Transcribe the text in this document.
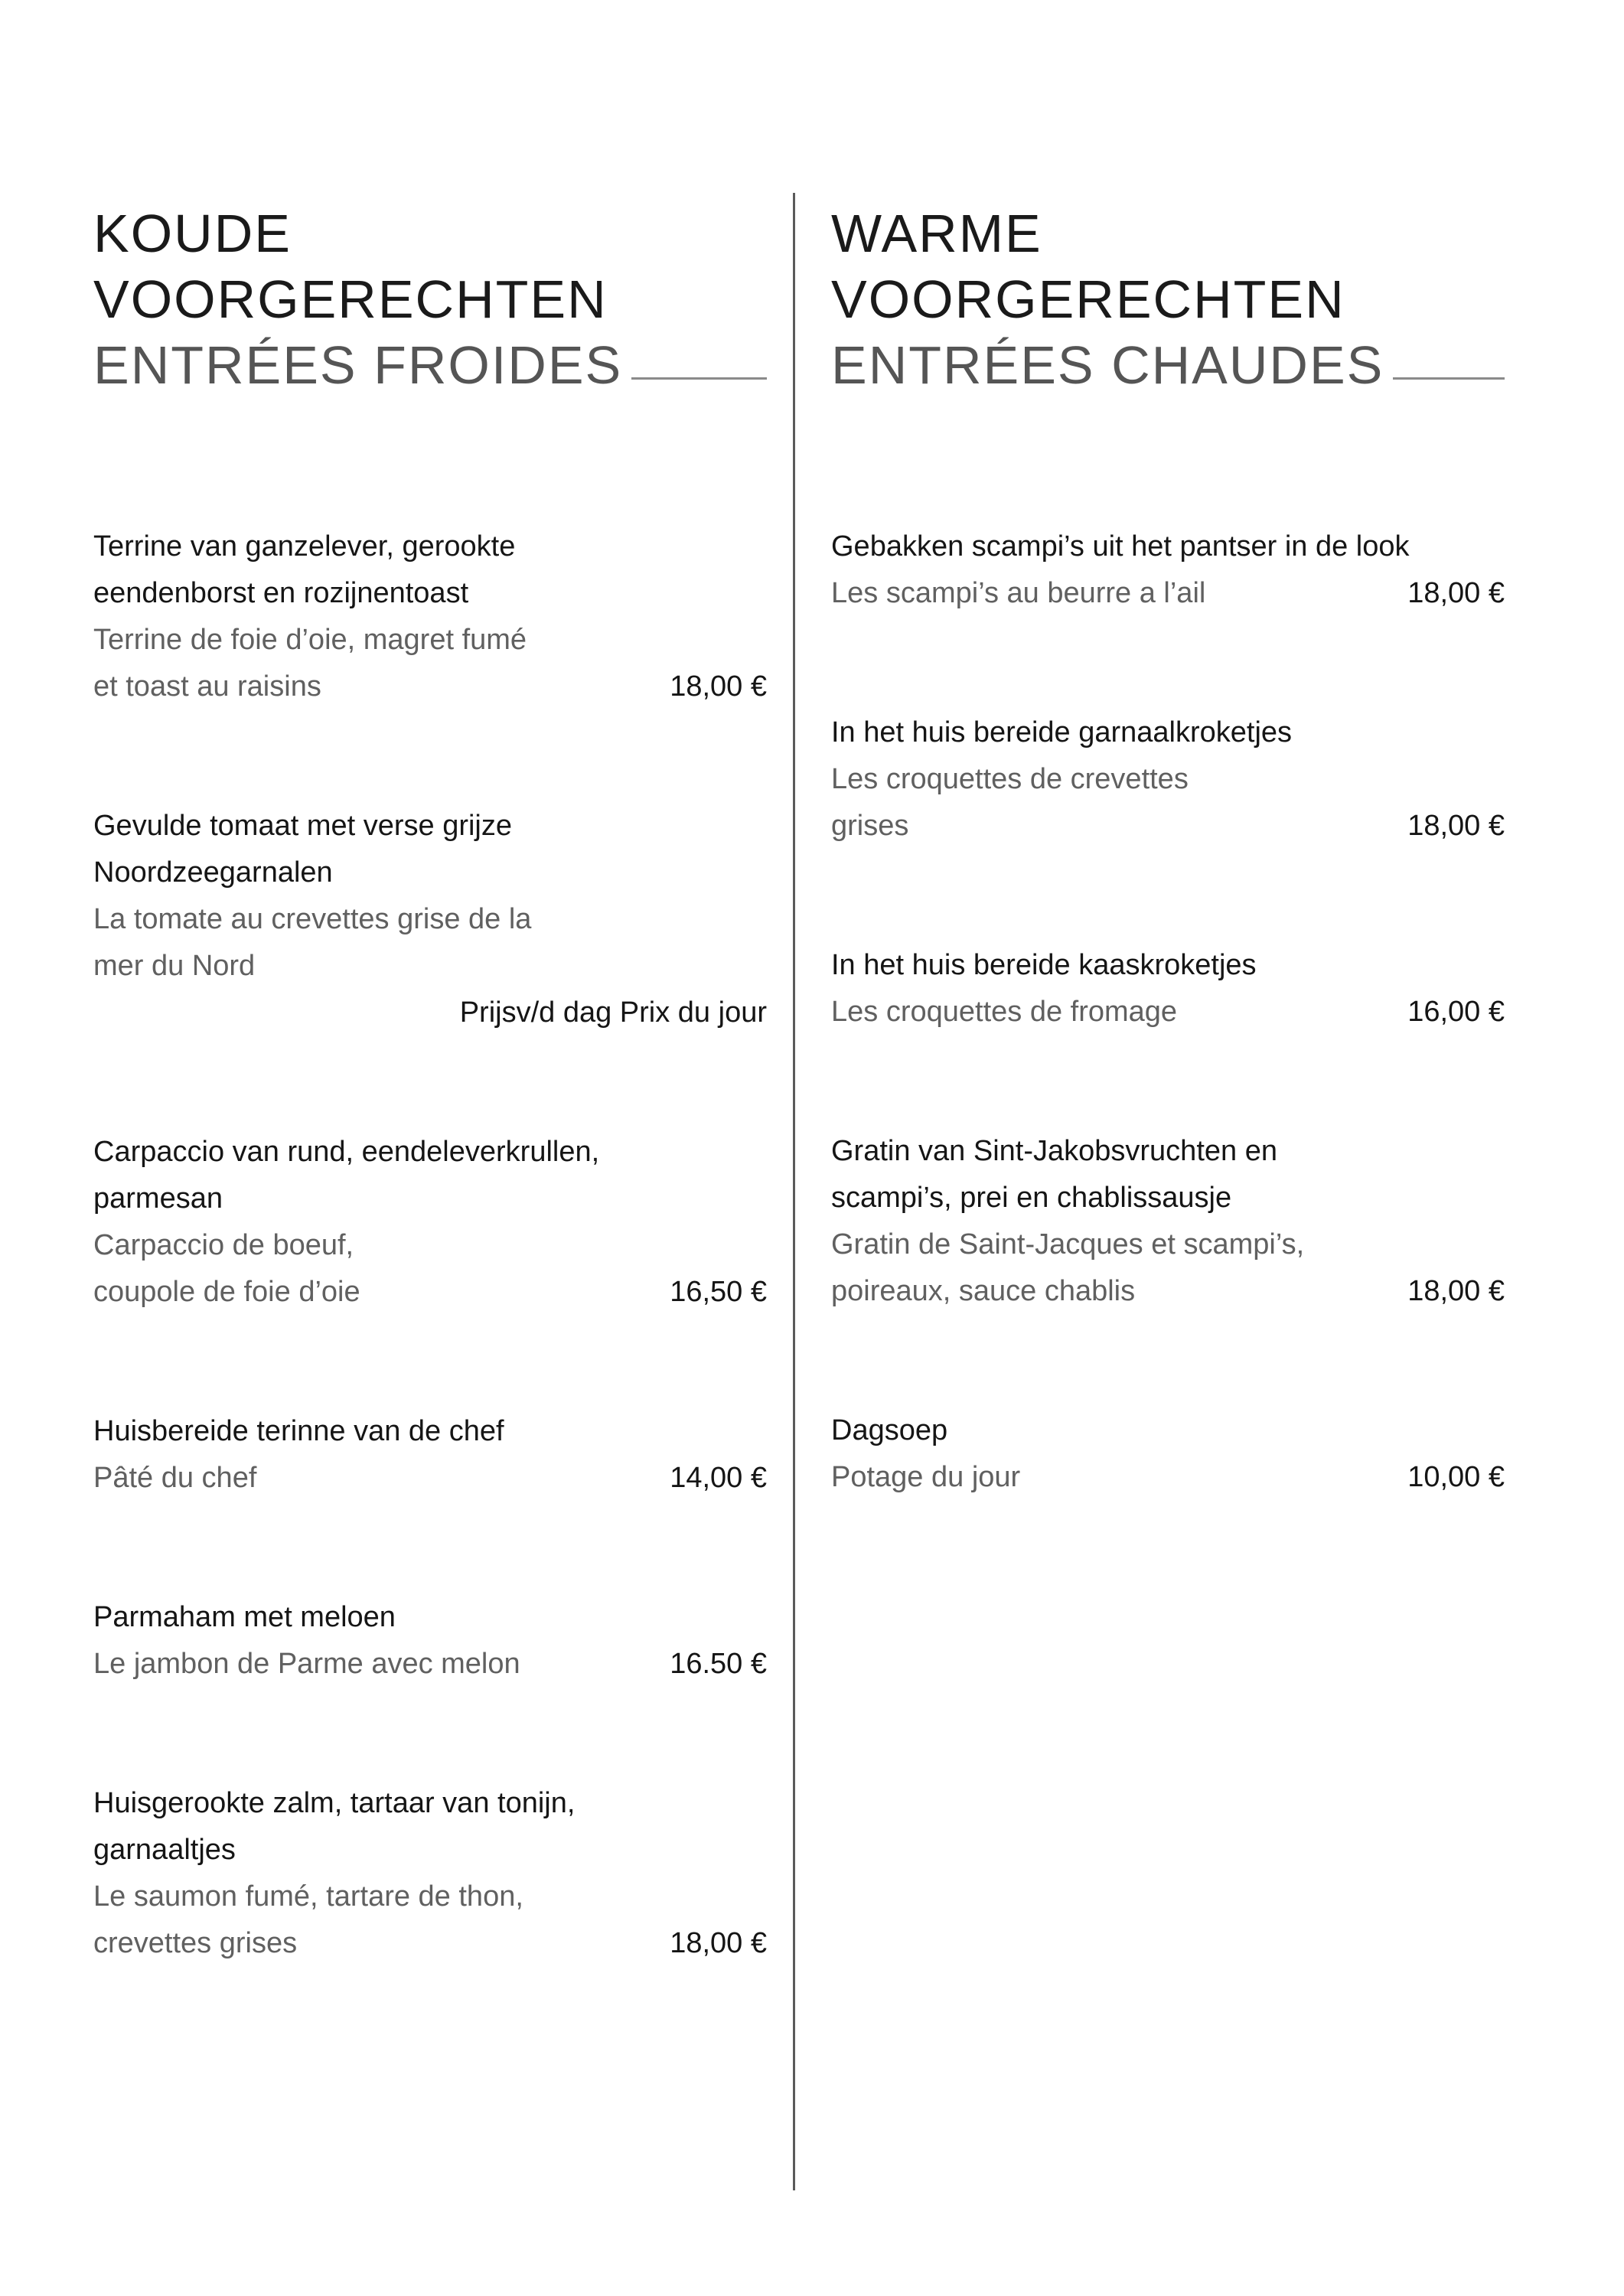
KOUDE
VOORGERECHTEN
ENTRÉES FROIDES
Terrine van ganzelever, gerookte
eendenborst en rozijnentoast
Terrine de foie d’oie, magret fumé
et toast au raisins	18,00 €
Gevulde tomaat met verse grijze
Noordzeegarnalen
La tomate au crevettes grise de la
mer du Nord
Prijsv/d dag Prix du jour
Carpaccio van rund, eendeleverkrullen,
parmesan
Carpaccio de boeuf,
coupole de foie d’oie	16,50 €
Huisbereide terinne van de chef
Pâté du chef	14,00 €
Parmaham met meloen
Le jambon de Parme avec melon	16.50 €
Huisgerookte zalm, tartaar van tonijn,
garnaaltjes
Le saumon fumé, tartare de thon,
crevettes grises	18,00 €
WARME
VOORGERECHTEN
ENTRÉES CHAUDES
Gebakken scampi’s uit het pantser in de look
Les scampi’s au beurre a l’ail	18,00 €
In het huis bereide garnaalkroketjes
Les croquettes de crevettes
grises	18,00 €
In het huis bereide kaaskroketjes
Les croquettes de fromage	16,00 €
Gratin van Sint-Jakobsvruchten en
scampi’s, prei en chablissausje
Gratin de Saint-Jacques et scampi’s,
poireaux, sauce chablis	18,00 €
Dagsoep
Potage du jour	10,00 €
